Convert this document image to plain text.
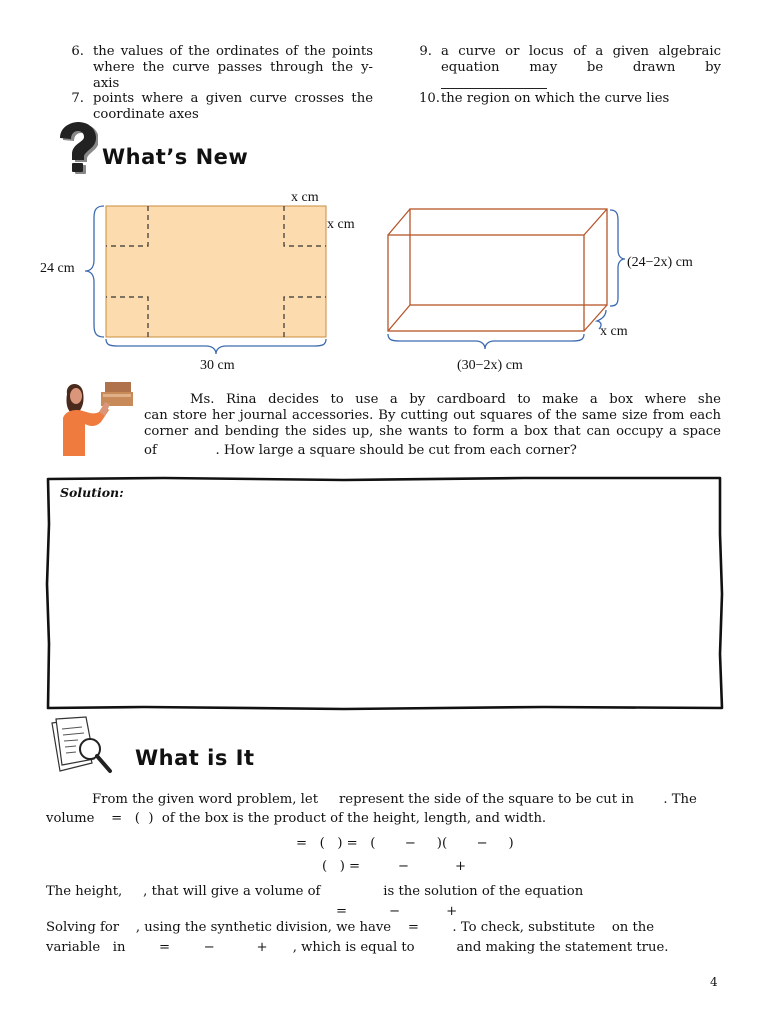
6. the values of the ordinates of the points
where the curve passes through the y-
axis
7. points where a given curve crosses the
coordinate axes
9. a curve or locus of a given algebraic
equation may be drawn by
10. the region on which the curve lies
What’s New
x cm
x cm
24 cm
30 cm
(24−2x) cm
x cm
(30−2x) cm
Ms. Rina decides to use a by cardboard to make a box where she
can store her journal accessories. By cutting out squares of the same size from each
corner and bending the sides up, she wants to form a box that can occupy a space
of              . How large a square should be cut from each corner?
Solution:
What is It
From the given word problem, let     represent the side of the square to be cut in       . The
volume    =   (  )  of the box is the product of the height, length, and width.
=   (   ) =   (       −     )(       −     )
(   ) =         −           +
The height,     , that will give a volume of               is the solution of the equation
=          −           +
Solving for    , using the synthetic division, we have    =        . To check, substitute    on the
variable   in        =        −          +      , which is equal to          and making the statement true.
4
